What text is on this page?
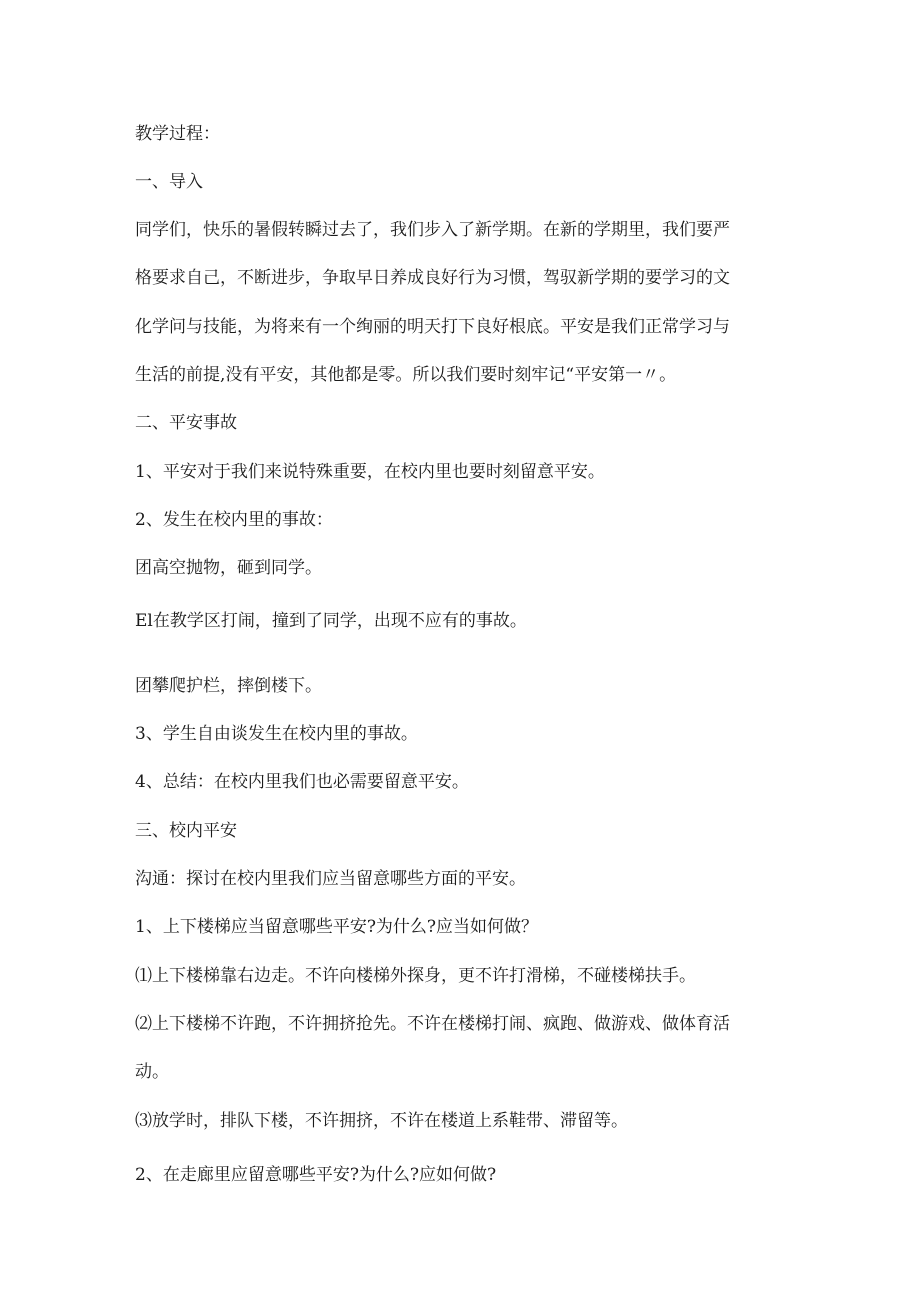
教学过程：
一、导入
同学们，快乐的暑假转瞬过去了，我们步入了新学期。在新的学期里，我们要严
格要求自己，不断进步，争取早日养成良好行为习惯，驾驭新学期的要学习的文
化学问与技能，为将来有一个绚丽的明天打下良好根底。平安是我们正常学习与
生活的前提,没有平安，其他都是零。所以我们要时刻牢记“平安第一〃。
二、平安事故
1、平安对于我们来说特殊重要，在校内里也要时刻留意平安。
2、发生在校内里的事故：
团高空抛物，砸到同学。
El在教学区打闹，撞到了同学，出现不应有的事故。
团攀爬护栏，摔倒楼下。
3、学生自由谈发生在校内里的事故。
4、总结：在校内里我们也必需要留意平安。
三、校内平安
沟通：探讨在校内里我们应当留意哪些方面的平安。
1、上下楼梯应当留意哪些平安?为什么?应当如何做？
⑴上下楼梯靠右边走。不许向楼梯外探身，更不许打滑梯，不碰楼梯扶手。
⑵上下楼梯不许跑，不许拥挤抢先。不许在楼梯打闹、疯跑、做游戏、做体育活
动。
⑶放学时，排队下楼，不许拥挤，不许在楼道上系鞋带、滞留等。
2、在走廊里应留意哪些平安?为什么?应如何做?
